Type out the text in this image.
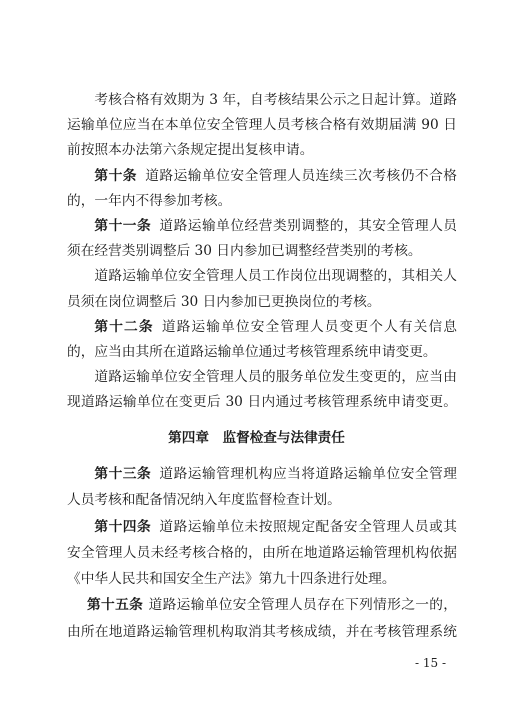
考核合格有效期为 3 年，自考核结果公示之日起计算。道路
运输单位应当在本单位安全管理人员考核合格有效期届满 90 日
前按照本办法第六条规定提出复核申请。
第十条 道路运输单位安全管理人员连续三次考核仍不合格
的，一年内不得参加考核。
第十一条 道路运输单位经营类别调整的，其安全管理人员
须在经营类别调整后 30 日内参加已调整经营类别的考核。
道路运输单位安全管理人员工作岗位出现调整的，其相关人
员须在岗位调整后 30 日内参加已更换岗位的考核。
第十二条 道路运输单位安全管理人员变更个人有关信息
的，应当由其所在道路运输单位通过考核管理系统申请变更。
道路运输单位安全管理人员的服务单位发生变更的，应当由
现道路运输单位在变更后 30 日内通过考核管理系统申请变更。
第四章　监督检查与法律责任
第十三条 道路运输管理机构应当将道路运输单位安全管理
人员考核和配备情况纳入年度监督检查计划。
第十四条 道路运输单位未按照规定配备安全管理人员或其
安全管理人员未经考核合格的，由所在地道路运输管理机构依据
《中华人民共和国安全生产法》第九十四条进行处理。
第十五条 道路运输单位安全管理人员存在下列情形之一的，
由所在地道路运输管理机构取消其考核成绩，并在考核管理系统
- 15 -
